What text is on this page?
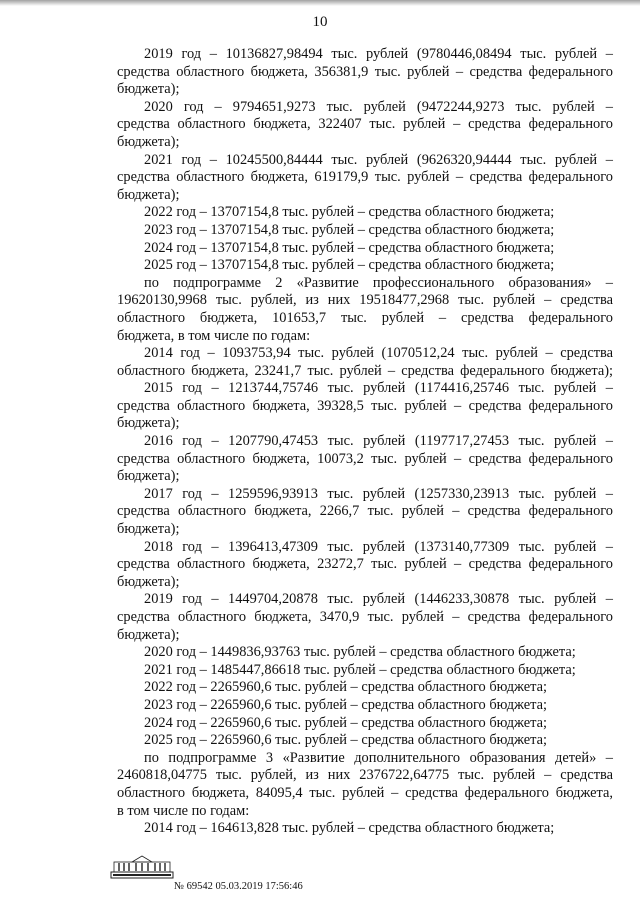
10
2019 год – 10136827,98494 тыс. рублей (9780446,08494 тыс. рублей –
средства областного бюджета, 356381,9 тыс. рублей – средства федерального
бюджета);
2020 год – 9794651,9273 тыс. рублей (9472244,9273 тыс. рублей –
средства областного бюджета, 322407 тыс. рублей – средства федерального
бюджета);
2021 год – 10245500,84444 тыс. рублей (9626320,94444 тыс. рублей –
средства областного бюджета, 619179,9 тыс. рублей – средства федерального
бюджета);
2022 год – 13707154,8 тыс. рублей – средства областного бюджета;
2023 год – 13707154,8 тыс. рублей – средства областного бюджета;
2024 год – 13707154,8 тыс. рублей – средства областного бюджета;
2025 год – 13707154,8 тыс. рублей – средства областного бюджета;
по подпрограмме 2 «Развитие профессионального образования» –
19620130,9968 тыс. рублей, из них 19518477,2968 тыс. рублей – средства
областного бюджета, 101653,7 тыс. рублей – средства федерального
бюджета, в том числе по годам:
2014 год – 1093753,94 тыс. рублей (1070512,24 тыс. рублей – средства
областного бюджета, 23241,7 тыс. рублей – средства федерального бюджета);
2015 год – 1213744,75746 тыс. рублей (1174416,25746 тыс. рублей –
средства областного бюджета, 39328,5 тыс. рублей – средства федерального
бюджета);
2016 год – 1207790,47453 тыс. рублей (1197717,27453 тыс. рублей –
средства областного бюджета, 10073,2 тыс. рублей – средства федерального
бюджета);
2017 год – 1259596,93913 тыс. рублей (1257330,23913 тыс. рублей –
средства областного бюджета, 2266,7 тыс. рублей – средства федерального
бюджета);
2018 год – 1396413,47309 тыс. рублей (1373140,77309 тыс. рублей –
средства областного бюджета, 23272,7 тыс. рублей – средства федерального
бюджета);
2019 год – 1449704,20878 тыс. рублей (1446233,30878 тыс. рублей –
средства областного бюджета, 3470,9 тыс. рублей – средства федерального
бюджета);
2020 год – 1449836,93763 тыс. рублей – средства областного бюджета;
2021 год – 1485447,86618 тыс. рублей – средства областного бюджета;
2022 год – 2265960,6 тыс. рублей – средства областного бюджета;
2023 год – 2265960,6 тыс. рублей – средства областного бюджета;
2024 год – 2265960,6 тыс. рублей – средства областного бюджета;
2025 год – 2265960,6 тыс. рублей – средства областного бюджета;
по подпрограмме 3 «Развитие дополнительного образования детей» –
2460818,04775 тыс. рублей, из них 2376722,64775 тыс. рублей – средства
областного бюджета, 84095,4 тыс. рублей – средства федерального бюджета,
в том числе по годам:
2014 год – 164613,828 тыс. рублей – средства областного бюджета;
№ 69542 05.03.2019 17:56:46
